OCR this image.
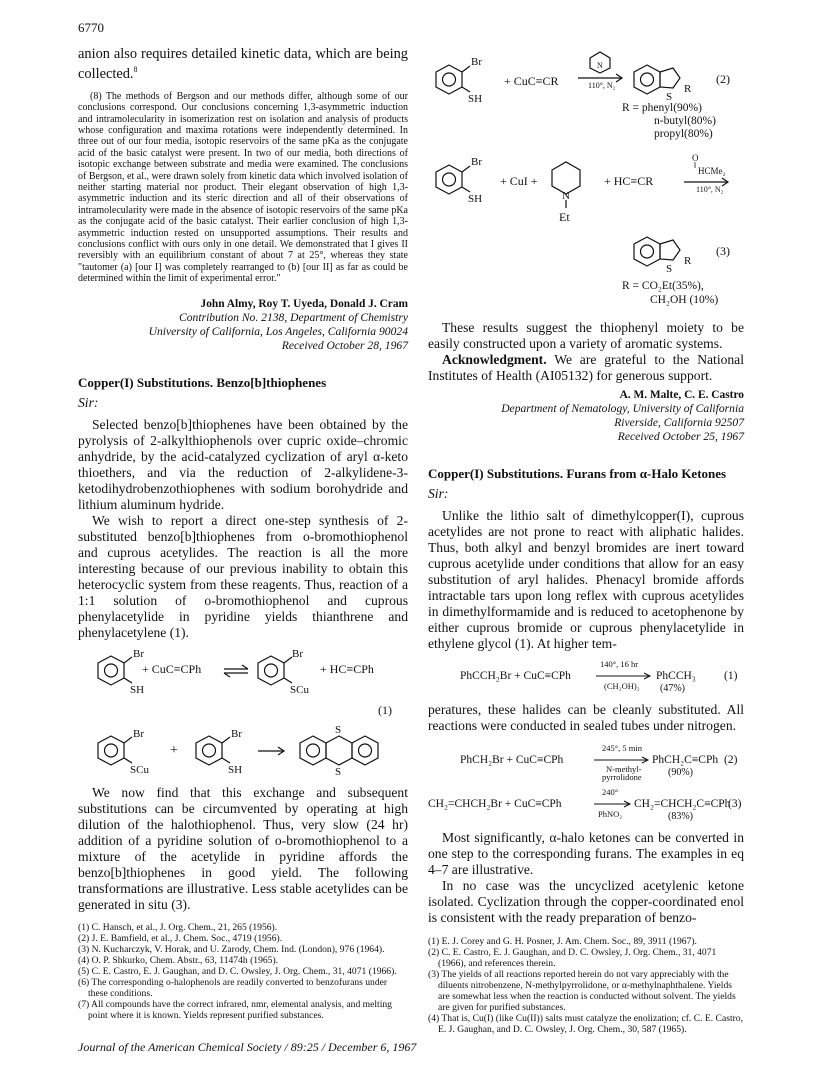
6770

anion also requires detailed kinetic data, which are being collected.$^8$

(8) The methods of Bergson and our methods differ, although some of our conclusions correspond. Our conclusions concerning 1,3-asymmetric induction and intramolecularity in isomerization rest on isolation and analysis of products whose configuration and maxima rotations were independently determined. In three out of our four media, isotopic reservoirs of the same pKa as the conjugate acid of the basic catalyst were present. In two of our media, both directions of isotopic exchange between substrate and media were examined. The conclusions of Bergson, et al., were drawn solely from kinetic data which involved isolation of neither starting material nor product. Their elegant observation of high 1,3-asymmetric induction and its steric direction and all of their observations of intramolecularity were made in the absence of isotopic reservoirs of the same pKa as the conjugate acid of the basic catalyst. Their earlier conclusion of high 1,3-asymmetric induction rested on unsupported assumptions. Their results and conclusions conflict with ours only in one detail. We demonstrated that I gives II reversibly with an equilibrium constant of about 7 at 25°, whereas they state "tautomer (a) [our I] was completely rearranged to (b) [our II] as far as could be determined within the limit of experimental error."

John Almy, Roy T. Uyeda, Donald J. Cram
Contribution No. 2138, Department of Chemistry
University of California, Los Angeles, California 90024
Received October 28, 1967
Copper(I) Substitutions. Benzo[b]thiophenes
Sir:

Selected benzo[b]thiophenes have been obtained by the pyrolysis of 2-alkylthiophenols over cupric oxide–chromic anhydride, by the acid-catalyzed cyclization of aryl α-keto thioethers, and via the reduction of 2-alkylidene-3-ketodihydrobenzothiophenes with sodium borohydride and lithium aluminum hydride.

We wish to report a direct one-step synthesis of 2-substituted benzo[b]thiophenes from o-bromothiophenol and cuprous acetylides. The reaction is all the more interesting because of our previous inability to obtain this heterocyclic system from these reagents. Thus, reaction of a 1:1 solution of o-bromothiophenol and cuprous phenylacetylide in pyridine yields thianthrene and phenylacetylene (1).

Br
SH
Br
SCu
Br
SCu
Br
SH
S
S
+
+ CuC≡CPh	+ HC≡CPh
(1)

We now find that this exchange and subsequent substitutions can be circumvented by operating at high dilution of the halothiophenol. Thus, very slow (24 hr) addition of a pyridine solution of o-bromothiophenol to a mixture of the acetylide in pyridine affords the benzo[b]thiophenes in good yield. The following transformations are illustrative. Less stable acetylides can be generated in situ (3).

(1) C. Hansch, et al., J. Org. Chem., 21, 265 (1956).

(2) J. E. Bamfield, et al., J. Chem. Soc., 4719 (1956).

(3) N. Kucharczyk, V. Horak, and U. Zarody, Chem. Ind. (London), 976 (1964).

(4) O. P. Shkurko, Chem. Abstr., 63, 11474h (1965).

(5) C. E. Castro, E. J. Gaughan, and D. C. Owsley, J. Org. Chem., 31, 4071 (1966).

(6) The corresponding o-halophenols are readily converted to benzofurans under these conditions.

(7) All compounds have the correct infrared, nmr, elemental analysis, and melting point where it is known. Yields represent purified substances.

Br
SH
N
S
R
+ CuC≡CR	110°, N₂	(2)
R = phenyl(90%)
n-butyl(80%)
propyl(80%)
Br
SH	N
S
R
O
‖
+ CuI +	+ HC≡CR
HCMe₂
110°, N₂
Et
(3)
R = CO₂Et(35%),
CH₂OH (10%)

These results suggest the thiophenyl moiety to be easily constructed upon a variety of aromatic systems.

Acknowledgment. We are grateful to the National Institutes of Health (AI05132) for generous support.

A. M. Malte, C. E. Castro
Department of Nematology, University of California
Riverside, California 92507
Received October 25, 1967
Copper(I) Substitutions. Furans from α-Halo Ketones
Sir:

Unlike the lithio salt of dimethylcopper(I), cuprous acetylides are not prone to react with aliphatic halides. Thus, both alkyl and benzyl bromides are inert toward cuprous acetylide under conditions that allow for an easy substitution of aryl halides. Phenacyl bromide affords intractable tars upon long reflex with cuprous acetylides in dimethylformamide and is reduced to acetophenone by either cuprous bromide or cuprous phenylacetylide in ethylene glycol (1). At higher tem-

PhCCH₂Br + CuC≡CPh
140°, 16 hr
(CH₂OH)₂
PhCCH₃
(47%)
(1)

peratures, these halides can be cleanly substituted. All reactions were conducted in sealed tubes under nitrogen.

PhCH₂Br + CuC≡CPh
245°, 5 min
N-methyl-
pyrrolidone
PhCH₂C≡CPh
(90%)
(2)
CH₂=CHCH₂Br + CuC≡CPh
240°
PhNO₂
CH₂=CHCH₂C≡CPh
(83%)
(3)

Most significantly, α-halo ketones can be converted in one step to the corresponding furans. The examples in eq 4–7 are illustrative.

In no case was the uncyclized acetylenic ketone isolated. Cyclization through the copper-coordinated enol is consistent with the ready preparation of benzo-

(1) E. J. Corey and G. H. Posner, J. Am. Chem. Soc., 89, 3911 (1967).

(2) C. E. Castro, E. J. Gaughan, and D. C. Owsley, J. Org. Chem., 31, 4071 (1966), and references therein.

(3) The yields of all reactions reported herein do not vary appreciably with the diluents nitrobenzene, N-methylpyrrolidone, or α-methylnaphthalene. Yields are somewhat less when the reaction is conducted without solvent. The yields are given for purified substances.

(4) That is, Cu(I) (like Cu(II)) salts must catalyze the enolization; cf. C. E. Castro, E. J. Gaughan, and D. C. Owsley, J. Org. Chem., 30, 587 (1965).

Journal of the American Chemical Society / 89:25 / December 6, 1967
